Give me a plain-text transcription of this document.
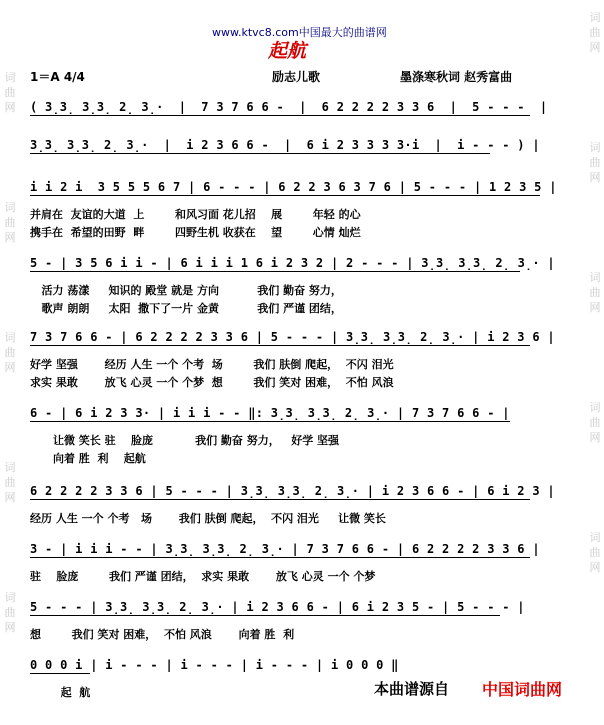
词曲网
词曲网
词曲网
词曲网
词曲网
词曲网
词曲网
词曲网
词曲网
词曲网
www.ktvc8.com中国最大的曲谱网
起航
1＝A 4/4	励志儿歌	墨涤寒秋词 赵秀富曲
( 3̣3̣ 3̣3̣ 2̣ 3̣·  |  7 3 7 6 6 -  |  6 2 2 2 2 3 3 6  |  5 - - -  |
3̣3̣ 3̣3̣ 2̣ 3̣·  |  i 2 3 6 6 -  |  6 i 2 3 3 3 3·i  |  i - - - ) |
i i 2 i  3 5 5 5 6 7 | 6 - - - | 6 2 2 3 6 3 7 6 | 5 - - - | 1 2 3 5 |
并肩在  友谊的大道  上        和风习面 花儿招    展        年轻 的心
携手在  希望的田野  畔        四野生机 收获在    望        心情 灿烂
5 - | 3 5 6 i i - | 6 i i i 1 6 i 2 3 2 | 2 - - - | 3̣3̣ 3̣3̣ 2̣ 3̣· |
活力 荡漾     知识的 殿堂 就是 方向          我们 勤奋 努力，
歌声 朗朗     太阳  撒下了一片 金黄          我们 严谨 团结，
7 3 7 6 6 - | 6 2 2 2 2 3 3 6 | 5 - - - | 3̣3̣ 3̣3̣ 2̣ 3̣· | i 2 3 6 |
好学 坚强       经历 人生 一个 个考  场        我们 肤倒 爬起，  不闪 泪光
求实 果敢       放飞 心灵 一个 个梦  想        我们 笑对 困难，  不怕 风浪
6 - | 6 i 2 3 3· | i i i - - ‖: 3̣3̣ 3̣3̣ 2̣ 3̣· | 7 3 7 6 6 - |
让微 笑长 驻    脸庞           我们 勤奋 努力，   好学 坚强
向着 胜  利    起航
6 2 2 2 2 3 3 6 | 5 - - - | 3̣3̣ 3̣3̣ 2̣ 3̣· | i 2 3 6 6 - | 6 i 2 3 |
经历 人生 一个 个考   场       我们 肤倒 爬起，  不闪 泪光     让微 笑长
3 - | i i i - - | 3̣3̣ 3̣3̣ 2̣ 3̣· | 7 3 7 6 6 - | 6 2 2 2 2 3 3 6 |
驻    脸庞        我们 严谨 团结，  求实 果敢       放飞 心灵 一个 个梦
5 - - - | 3̣3̣ 3̣3̣ 2̣ 3̣· | i 2 3 6 6 - | 6 i 2 3 5 - | 5 - - - |
想        我们 笑对 困难，  不怕 风浪       向着 胜  利
0 0 0 i | i - - - | i - - - | i - - - | i 0 0 0 ‖
起  航	本曲谱源自 中国词曲网
